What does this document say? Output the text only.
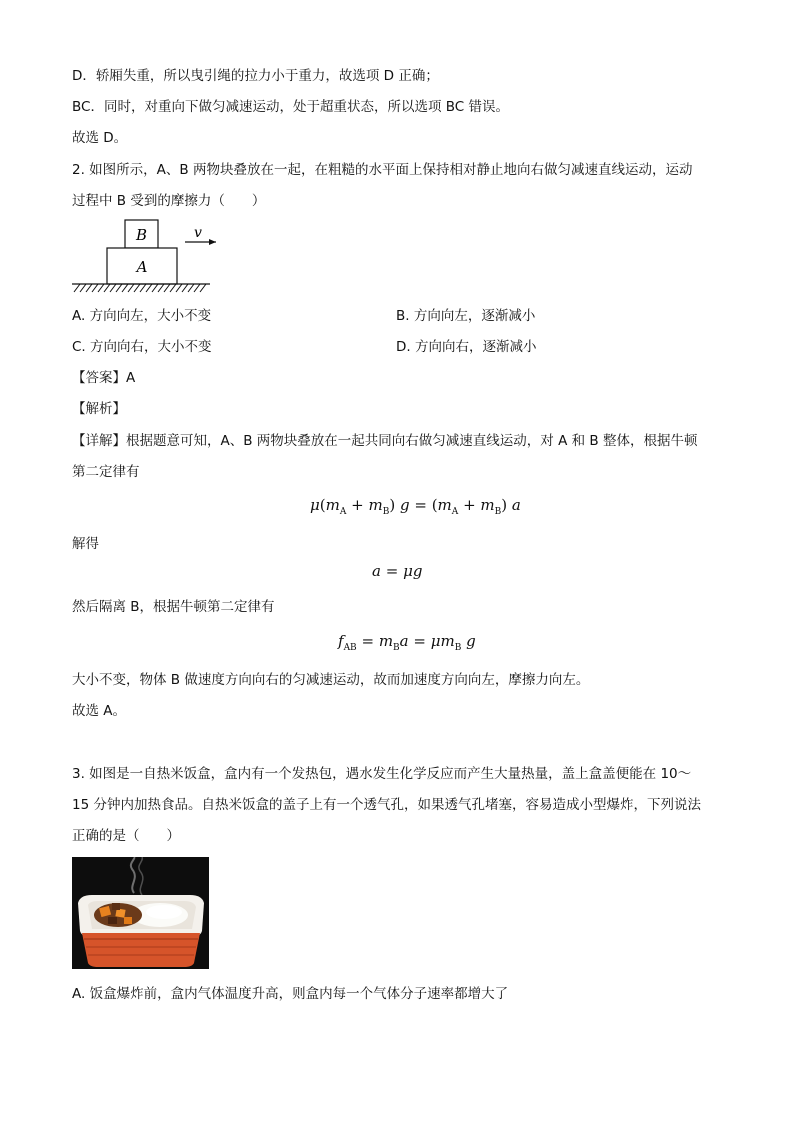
D．轿厢失重，所以曳引绳的拉力小于重力，故选项 D 正确；
BC．同时，对重向下做匀减速运动，处于超重状态，所以选项 BC 错误。
故选 D。
2. 如图所示，A、B 两物块叠放在一起，在粗糙的水平面上保持相对静止地向右做匀减速直线运动，运动
过程中 B 受到的摩擦力（　　）
B
A
v
A. 方向向左，大小不变	B. 方向向左，逐渐减小
C. 方向向右，大小不变	D. 方向向右，逐渐减小
【答案】A
【解析】
【详解】根据题意可知，A、B 两物块叠放在一起共同向右做匀减速直线运动，对 A 和 B 整体，根据牛顿
第二定律有
$\mu(m_A + m_B) g = (m_A + m_B)$ a
解得
a = μg
然后隔离 B，根据牛顿第二定律有
$f_{AB} = m_Ba = \mu m_B$ g
大小不变，物体 B 做速度方向向右的匀减速运动，故而加速度方向向左，摩擦力向左。
故选 A。
3. 如图是一自热米饭盒，盒内有一个发热包，遇水发生化学反应而产生大量热量，盖上盒盖便能在 10～
15 分钟内加热食品。自热米饭盒的盖子上有一个透气孔，如果透气孔堵塞，容易造成小型爆炸，下列说法
正确的是（　　）
A. 饭盒爆炸前，盒内气体温度升高，则盒内每一个气体分子速率都增大了
